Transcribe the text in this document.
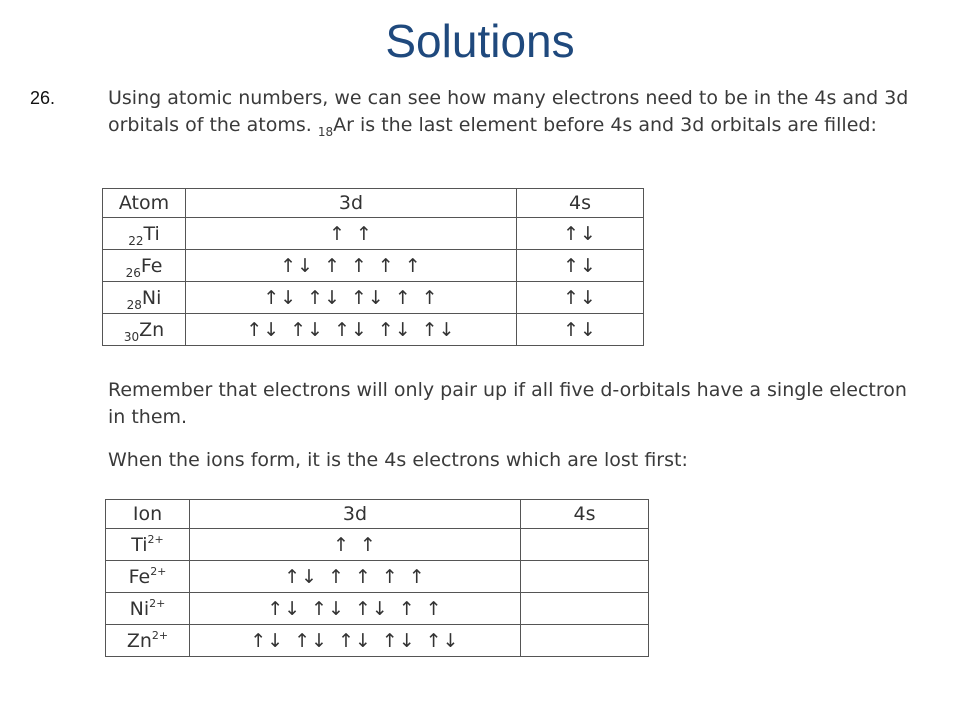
Solutions
26.	Using atomic numbers, we can see how many electrons need to be in the 4s and 3d orbitals of the atoms. $_{18}$Ar is the last element before 4s and 3d orbitals are filled:
Atom	3d	4s
$_{22}$Ti	↑ ↑	↑↓
$_{26}$Fe	↑↓ ↑ ↑ ↑ ↑	↑↓
$_{28}$Ni	↑↓ ↑↓ ↑↓ ↑ ↑	↑↓
$_{30}$Zn	↑↓ ↑↓ ↑↓ ↑↓ ↑↓	↑↓
Remember that electrons will only pair up if all five d-orbitals have a single electron in them.
When the ions form, it is the 4s electrons which are lost first:
Ion	3d	4s
$Ti^{2+}$	↑ ↑	
$Fe^{2+}$	↑↓ ↑ ↑ ↑ ↑	
$Ni^{2+}$	↑↓ ↑↓ ↑↓ ↑ ↑	
$Zn^{2+}$	↑↓ ↑↓ ↑↓ ↑↓ ↑↓	
